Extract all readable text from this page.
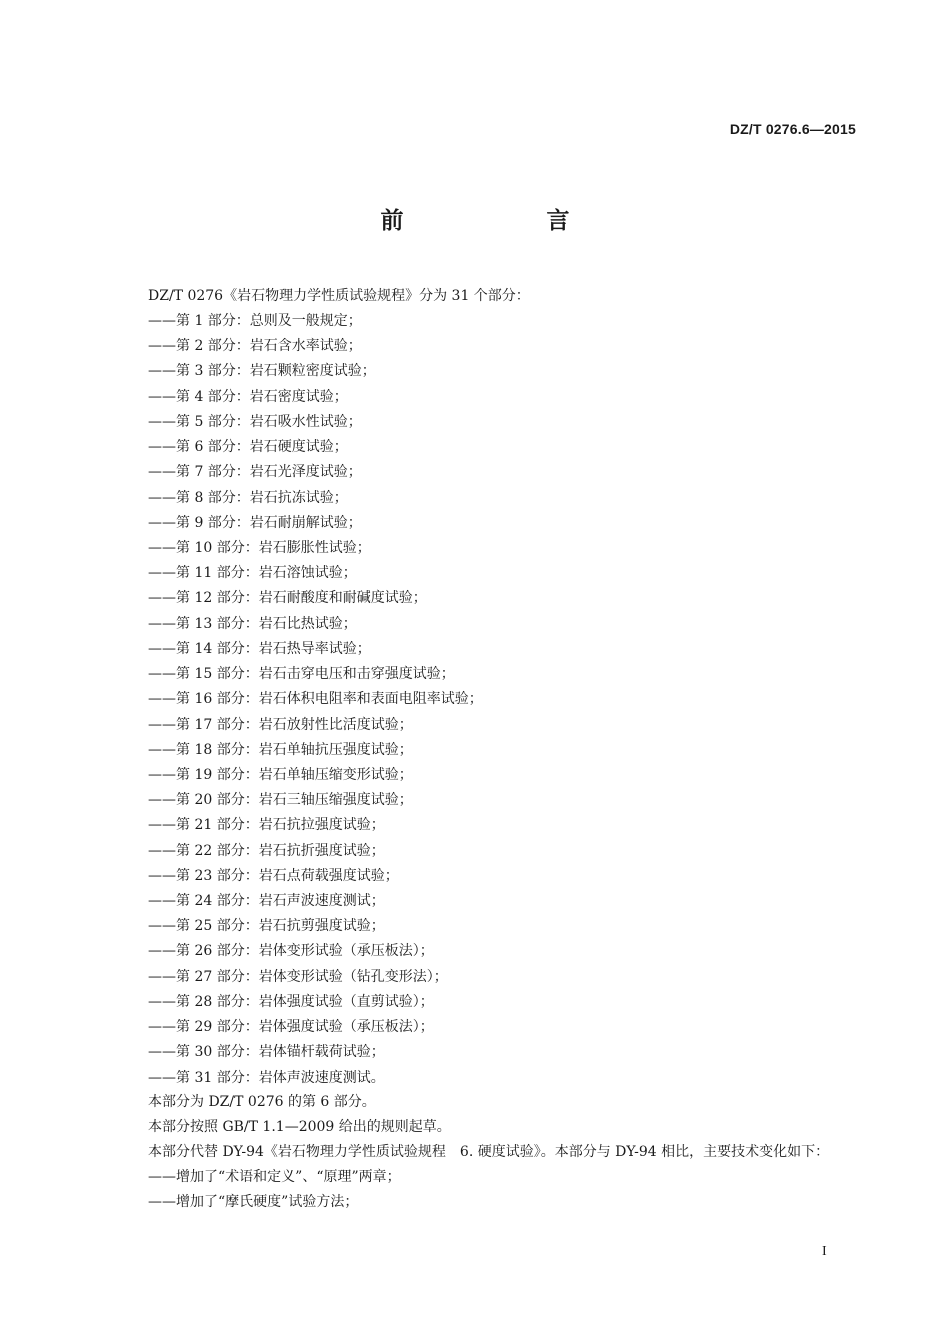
DZ/T 0276.6—2015
前　言
DZ/T 0276《岩石物理力学性质试验规程》分为 31 个部分：
——第 1 部分：总则及一般规定；
——第 2 部分：岩石含水率试验；
——第 3 部分：岩石颗粒密度试验；
——第 4 部分：岩石密度试验；
——第 5 部分：岩石吸水性试验；
——第 6 部分：岩石硬度试验；
——第 7 部分：岩石光泽度试验；
——第 8 部分：岩石抗冻试验；
——第 9 部分：岩石耐崩解试验；
——第 10 部分：岩石膨胀性试验；
——第 11 部分：岩石溶蚀试验；
——第 12 部分：岩石耐酸度和耐碱度试验；
——第 13 部分：岩石比热试验；
——第 14 部分：岩石热导率试验；
——第 15 部分：岩石击穿电压和击穿强度试验；
——第 16 部分：岩石体积电阻率和表面电阻率试验；
——第 17 部分：岩石放射性比活度试验；
——第 18 部分：岩石单轴抗压强度试验；
——第 19 部分：岩石单轴压缩变形试验；
——第 20 部分：岩石三轴压缩强度试验；
——第 21 部分：岩石抗拉强度试验；
——第 22 部分：岩石抗折强度试验；
——第 23 部分：岩石点荷载强度试验；
——第 24 部分：岩石声波速度测试；
——第 25 部分：岩石抗剪强度试验；
——第 26 部分：岩体变形试验（承压板法）；
——第 27 部分：岩体变形试验（钻孔变形法）；
——第 28 部分：岩体强度试验（直剪试验）；
——第 29 部分：岩体强度试验（承压板法）；
——第 30 部分：岩体锚杆载荷试验；
——第 31 部分：岩体声波速度测试。
本部分为 DZ/T 0276 的第 6 部分。
本部分按照 GB/T 1.1—2009 给出的规则起草。
本部分代替 DY-94《岩石物理力学性质试验规程　6. 硬度试验》。本部分与 DY-94 相比，主要技术变化如下：
——增加了“术语和定义”、“原理”两章；
——增加了“摩氏硬度”试验方法；
I
